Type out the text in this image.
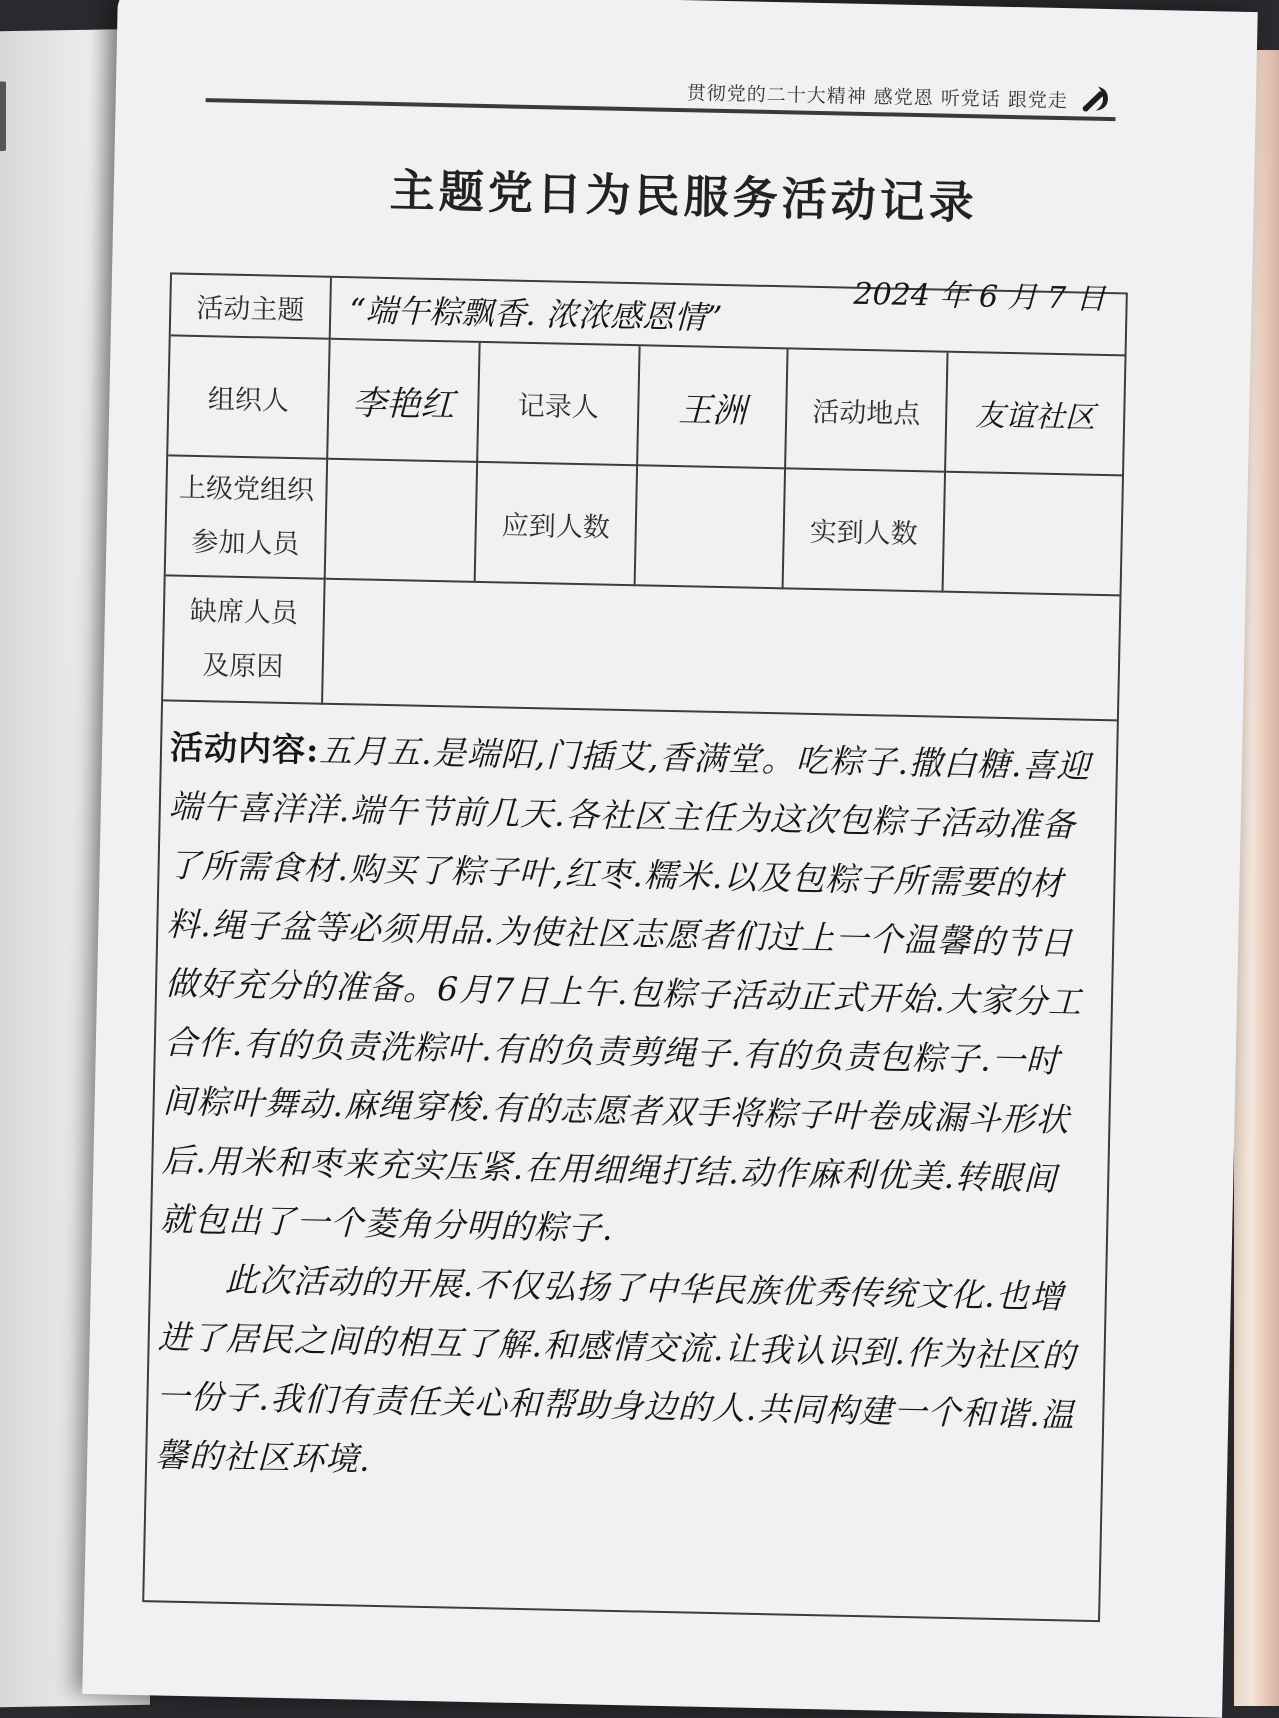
贯彻党的二十大精神 感党恩 听党话 跟党走
主题党日为民服务活动记录
2024 年 6 月 7 日
活动主题 “端午粽飘香. 浓浓感恩情”
组织人 李艳红 记录人 王洲 活动地点 友谊社区
上级党组织
参加人员
应到人数	实到人数
缺席人员
及原因

活动内容:五月五.是端阳,门插艾,香满堂。吃粽子.撒白糖.喜迎端午喜洋洋.端午节前几天.各社区主任为这次包粽子活动准备了所需食材.购买了粽子叶,红枣.糯米.以及包粽子所需要的材料.绳子盆等必须用品.为使社区志愿者们过上一个温馨的节日做好充分的准备。6月7日上午.包粽子活动正式开始.大家分工合作.有的负责洗粽叶.有的负责剪绳子.有的负责包粽子.一时间粽叶舞动.麻绳穿梭.有的志愿者双手将粽子叶卷成漏斗形状后.用米和枣来充实压紧.在用细绳打结.动作麻利优美.转眼间就包出了一个菱角分明的粽子.

此次活动的开展.不仅弘扬了中华民族优秀传统文化.也增进了居民之间的相互了解.和感情交流.让我认识到.作为社区的一份子.我们有责任关心和帮助身边的人.共同构建一个和谐.温馨的社区环境.
